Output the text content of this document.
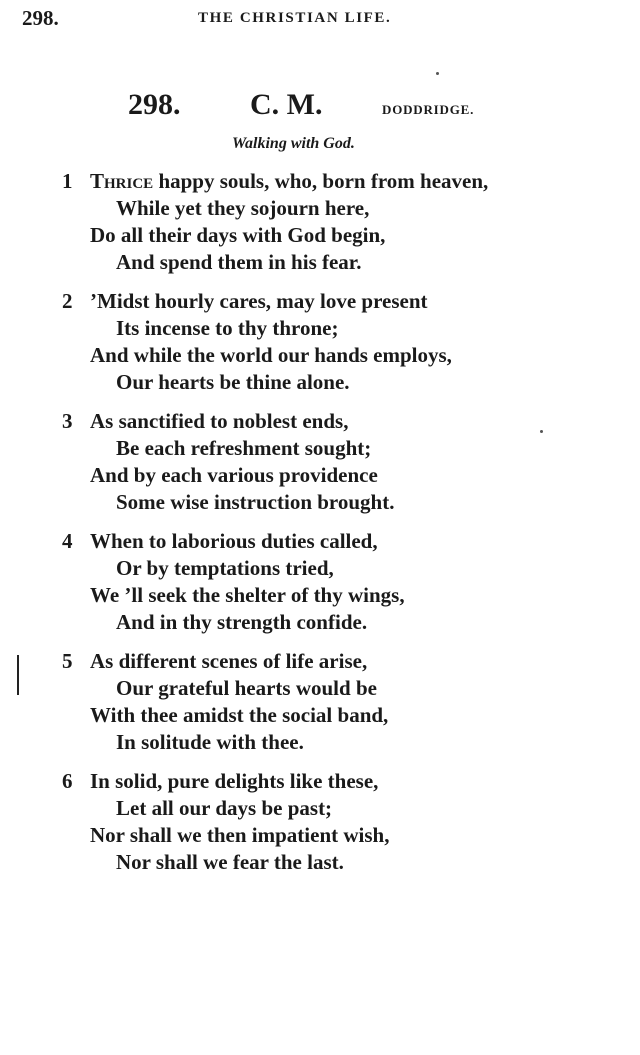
298.	THE CHRISTIAN LIFE.
298. C. M.	DODDRIDGE.
Walking with God.
1 Thrice happy souls, who, born from heaven,
While yet they sojourn here,
Do all their days with God begin,
And spend them in his fear.
2 ’Midst hourly cares, may love present
Its incense to thy throne;
And while the world our hands employs,
Our hearts be thine alone.
3 As sanctified to noblest ends,
Be each refreshment sought;
And by each various providence
Some wise instruction brought.
4 When to laborious duties called,
Or by temptations tried,
We ’ll seek the shelter of thy wings,
And in thy strength confide.
5 As different scenes of life arise,
Our grateful hearts would be
With thee amidst the social band,
In solitude with thee.
6 In solid, pure delights like these,
Let all our days be past;
Nor shall we then impatient wish,
Nor shall we fear the last.
